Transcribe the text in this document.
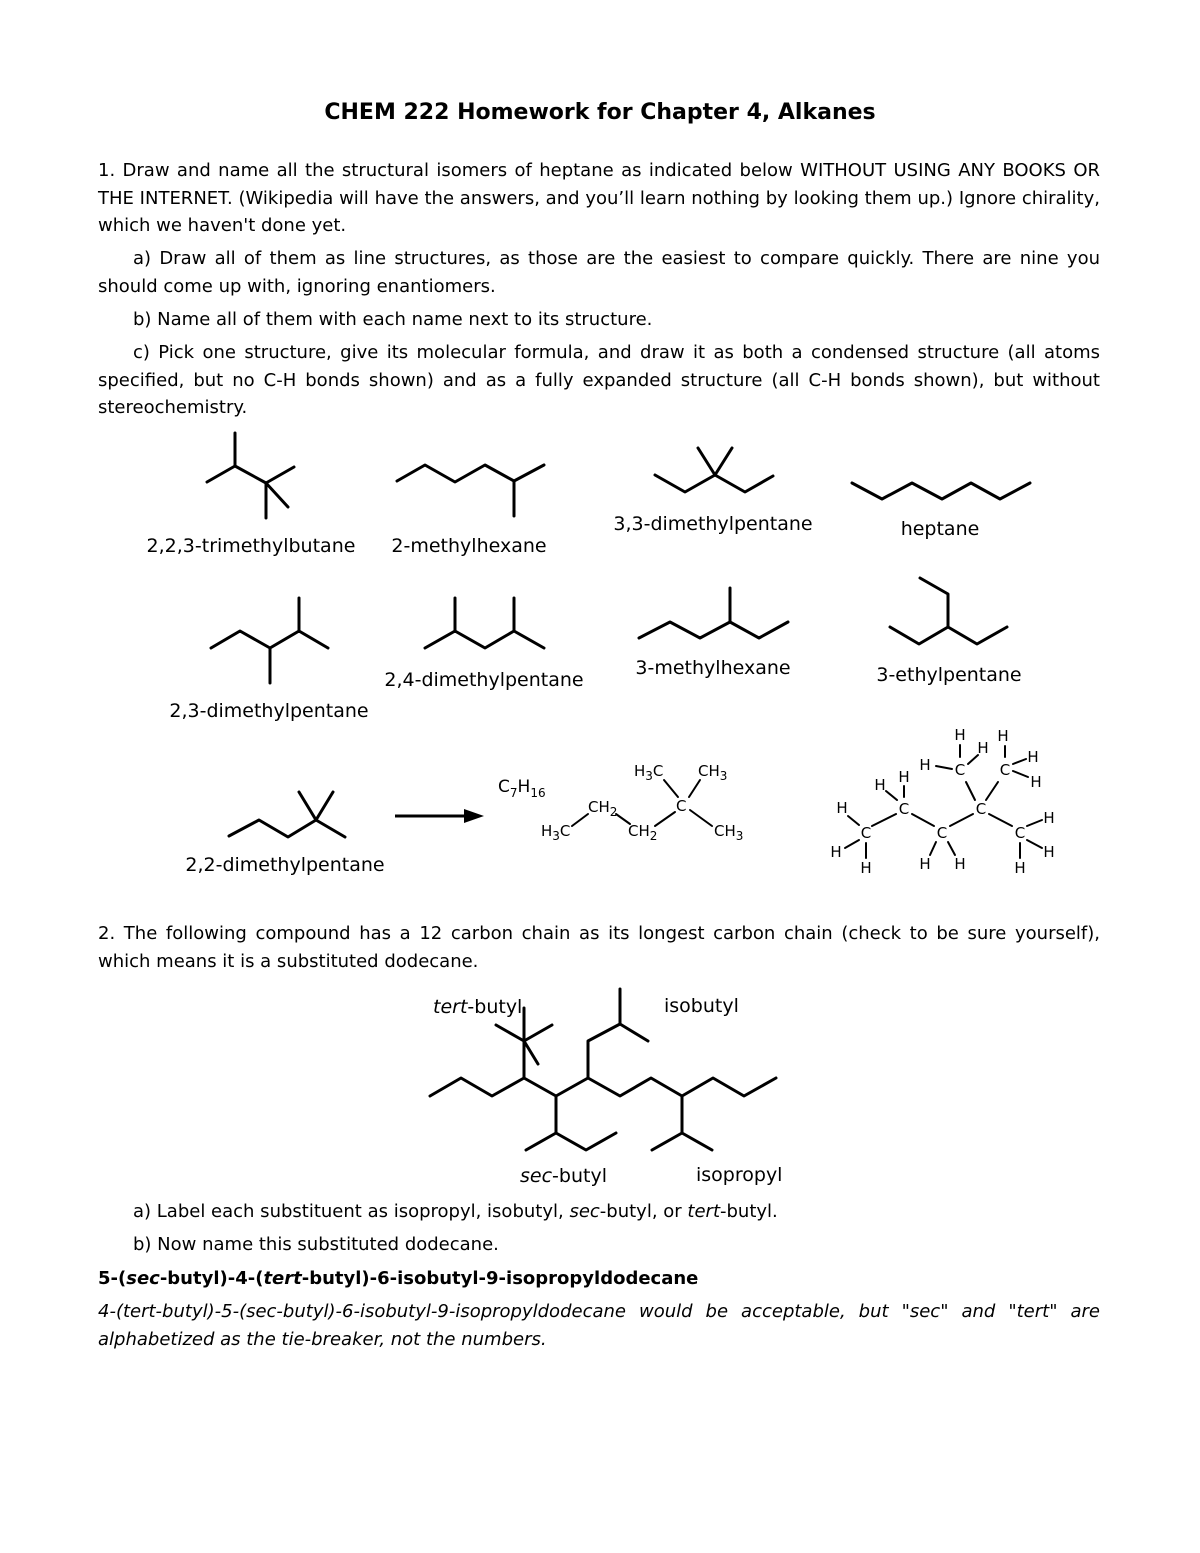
CHEM 222 Homework for Chapter 4, Alkanes

1. Draw and name all the structural isomers of heptane as indicated below WITHOUT USING ANY BOOKS OR THE INTERNET. (Wikipedia will have the answers, and you’ll learn nothing by looking them up.) Ignore chirality, which we haven't done yet.

a) Draw all of them as line structures, as those are the easiest to compare quickly. There are nine you should come up with, ignoring enantiomers.

b) Name all of them with each name next to its structure.

c) Pick one structure, give its molecular formula, and draw it as both a condensed structure (all atoms specified, but no C-H bonds shown) and as a fully expanded structure (all C-H bonds shown), but without stereochemistry.

2. The following compound has a 12 carbon chain as its longest carbon chain (check to be sure yourself), which means it is a substituted dodecane.

a) Label each substituent as isopropyl, isobutyl, sec-butyl, or tert-butyl.

b) Now name this substituted dodecane.

5-(sec-butyl)-4-(tert-butyl)-6-isobutyl-9-isopropyldodecane

4-(tert-butyl)-5-(sec-butyl)-6-isobutyl-9-isopropyldodecane would be acceptable, but "sec" and "tert" are alphabetized as the tie-breaker, not the numbers.

2,2,3-trimethylbutane 2-methylhexane
3,3-dimethylpentane	heptane
2,3-dimethylpentane
2,4-dimethylpentane
3-methylhexane	3-ethylpentane
2,2-dimethylpentane
$C_7H_{16}$
$H_3C$
$CH_2$
$CH_2$
C
$H_3C$ $CH_3$
$CH_3$	C
C
C
C
C C
C
H
H
H
H
H
H
H H
H
H
H	H H
H
H
H
tert-butyl	isobutyl
sec-butyl	isopropyl
